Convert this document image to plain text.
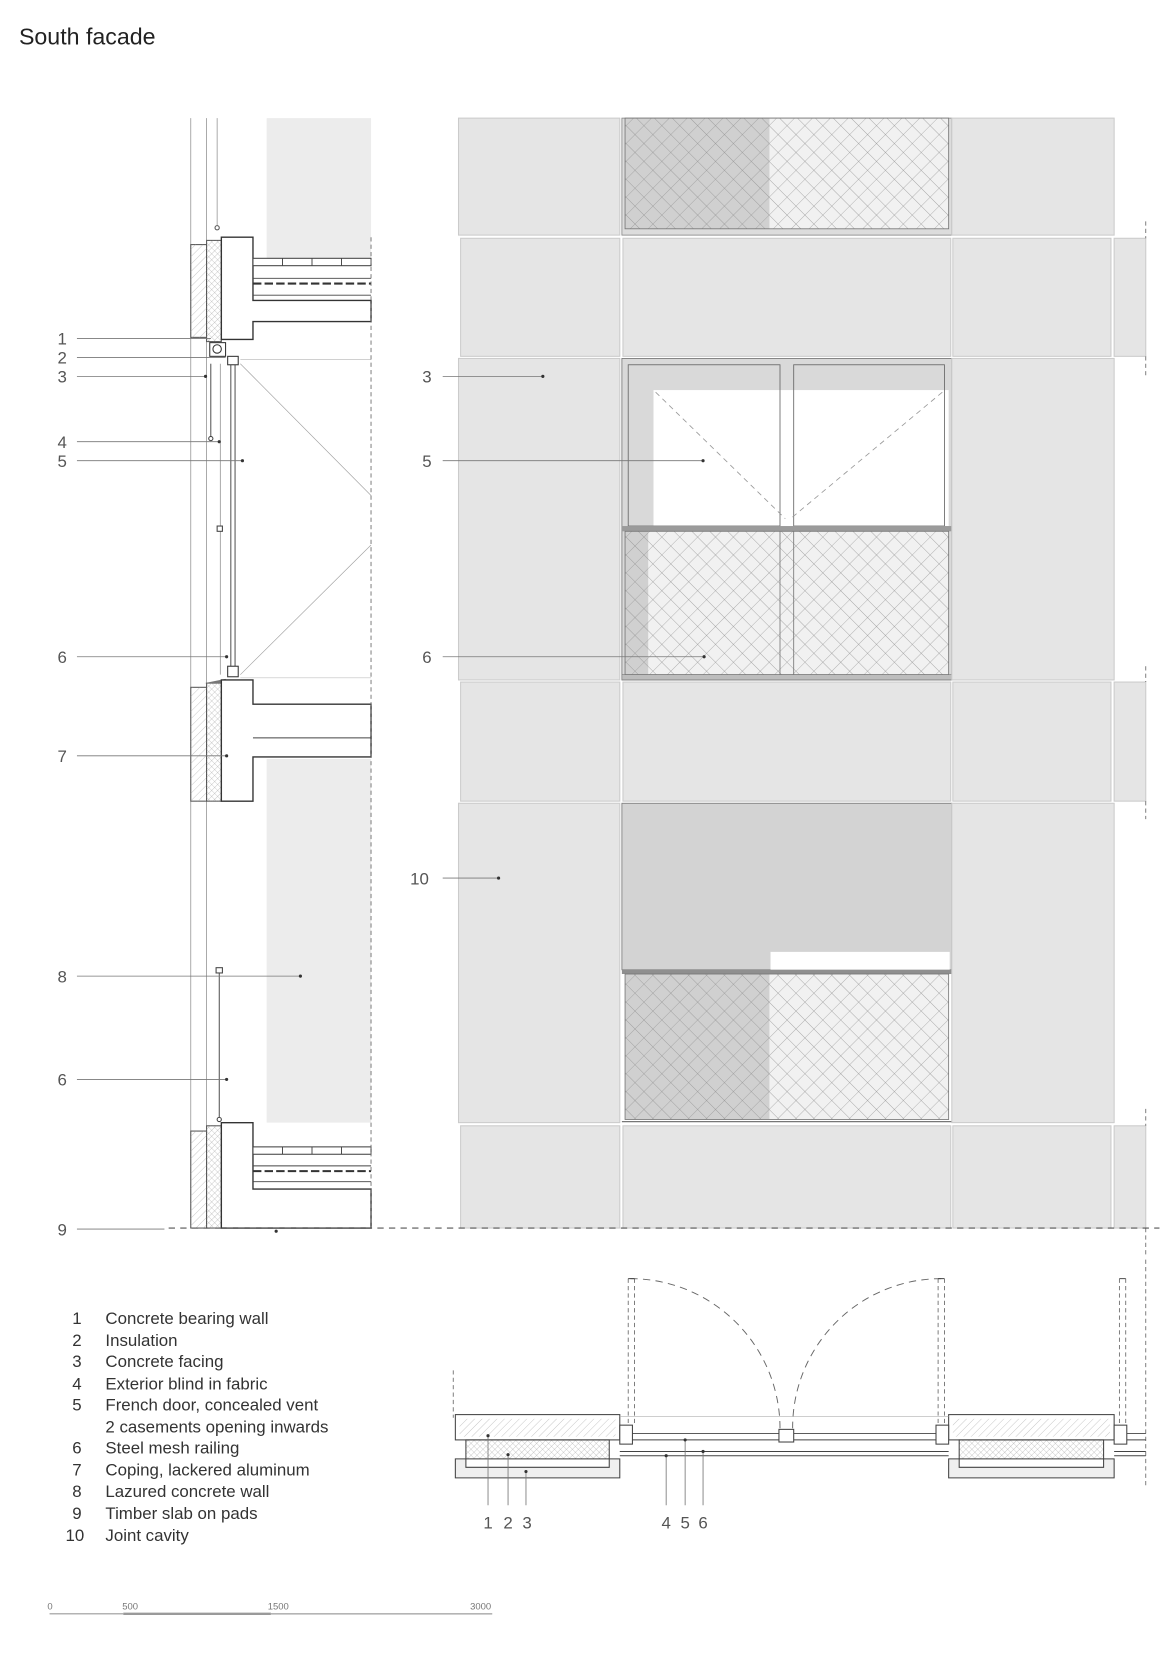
South facade
1
2
3
4
5
6
7
8
6
9
3
5
6
10
1 2 3	4 5 6
1 Concrete bearing wall
2 Insulation
3 Concrete facing
4 Exterior blind in fabric
5 French door, concealed vent
2 casements opening inwards
6 Steel mesh railing
7 Coping, lackered aluminum
8 Lazured concrete wall
9 Timber slab on pads
10 Joint cavity
0	500	1500	3000
